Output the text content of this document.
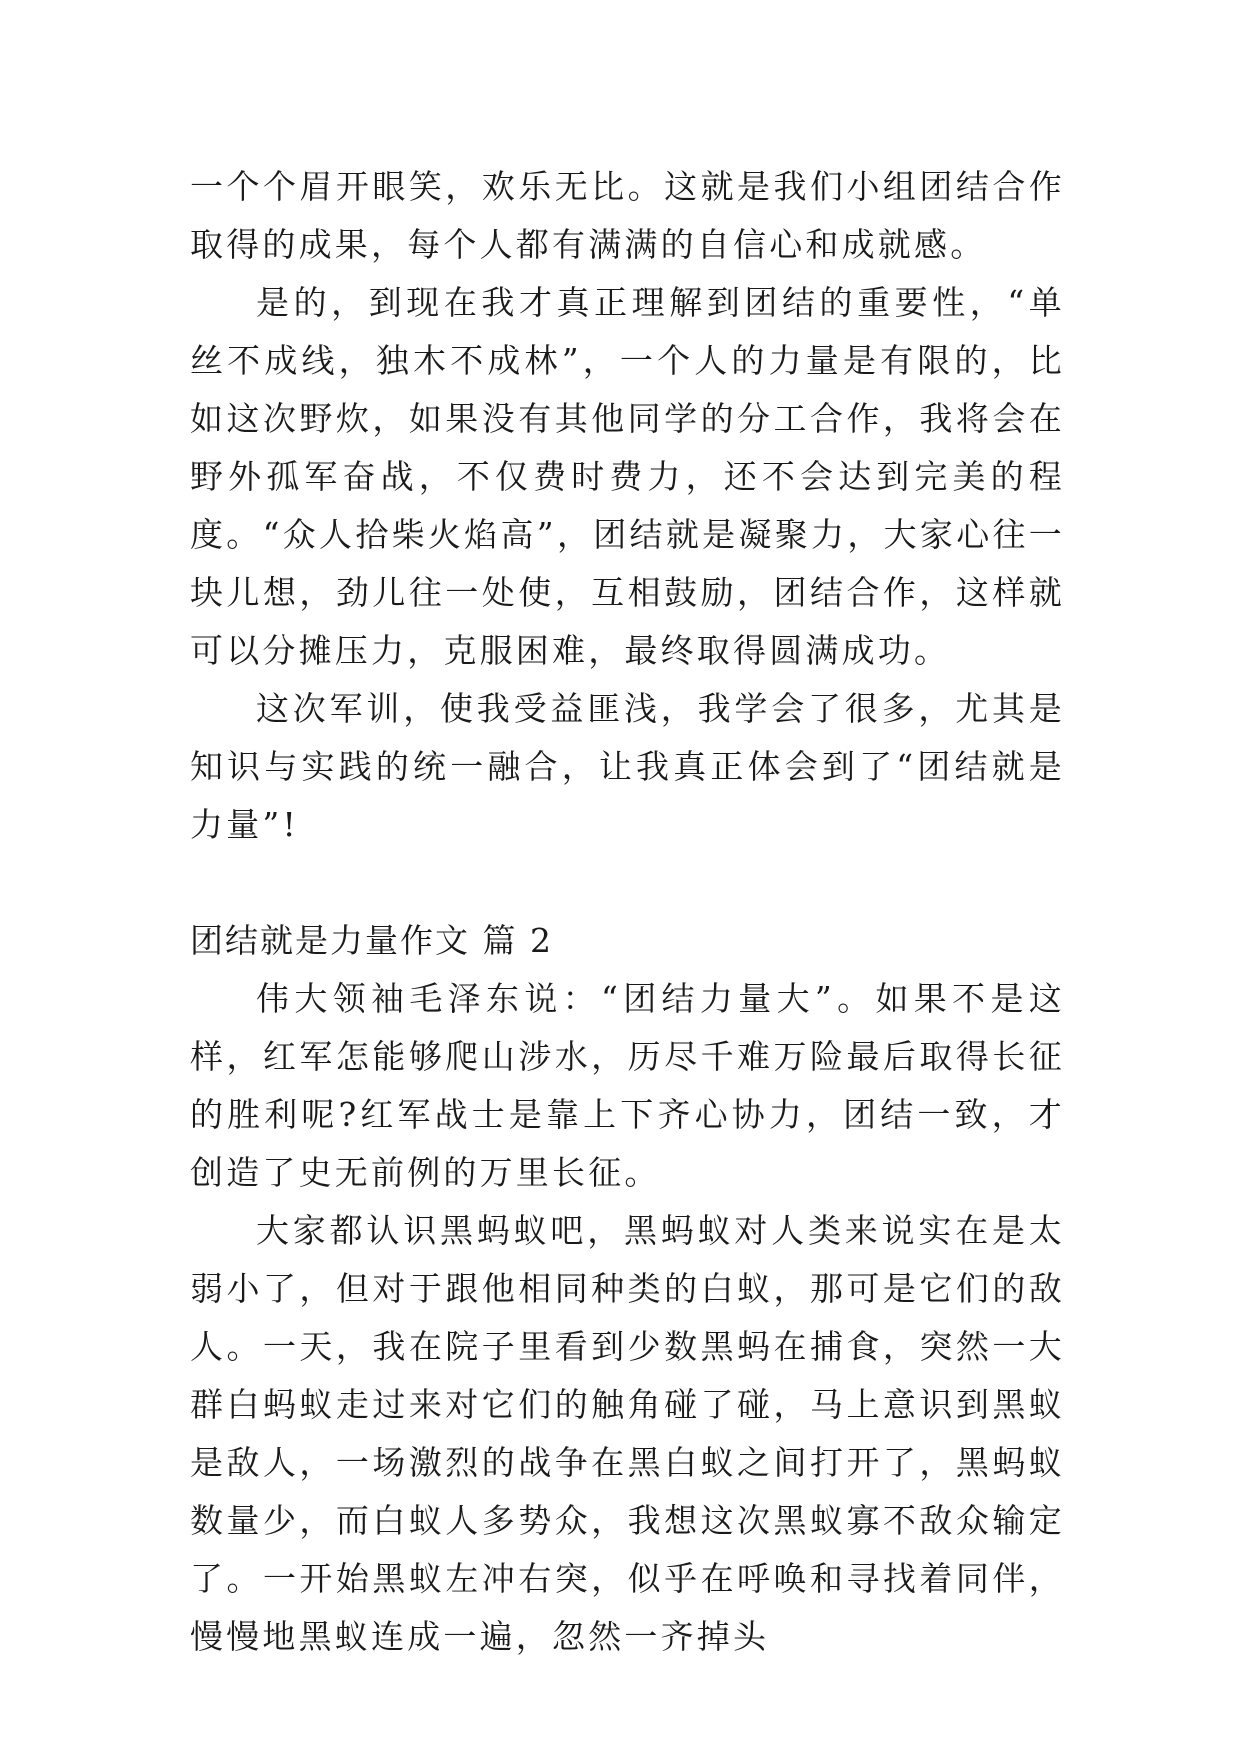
一个个眉开眼笑，欢乐无比。这就是我们小组团结合作取得的成果，每个人都有满满的自信心和成就感。

是的，到现在我才真正理解到团结的重要性，“单丝不成线，独木不成林”，一个人的力量是有限的，比如这次野炊，如果没有其他同学的分工合作，我将会在野外孤军奋战，不仅费时费力，还不会达到完美的程度。“众人拾柴火焰高”，团结就是凝聚力，大家心往一块儿想，劲儿往一处使，互相鼓励，团结合作，这样就可以分摊压力，克服困难，最终取得圆满成功。

这次军训，使我受益匪浅，我学会了很多，尤其是知识与实践的统一融合，让我真正体会到了“团结就是力量”!

团结就是力量作文 篇 2

伟大领袖毛泽东说：“团结力量大”。如果不是这样，红军怎能够爬山涉水，历尽千难万险最后取得长征的胜利呢?红军战士是靠上下齐心协力，团结一致，才创造了史无前例的万里长征。

大家都认识黑蚂蚁吧，黑蚂蚁对人类来说实在是太弱小了，但对于跟他相同种类的白蚁，那可是它们的敌人。一天，我在院子里看到少数黑蚂在捕食，突然一大群白蚂蚁走过来对它们的触角碰了碰，马上意识到黑蚁是敌人，一场激烈的战争在黑白蚁之间打开了，黑蚂蚁数量少，而白蚁人多势众，我想这次黑蚁寡不敌众输定了。一开始黑蚁左冲右突，似乎在呼唤和寻找着同伴，慢慢地黑蚁连成一遍，忽然一齐掉头
